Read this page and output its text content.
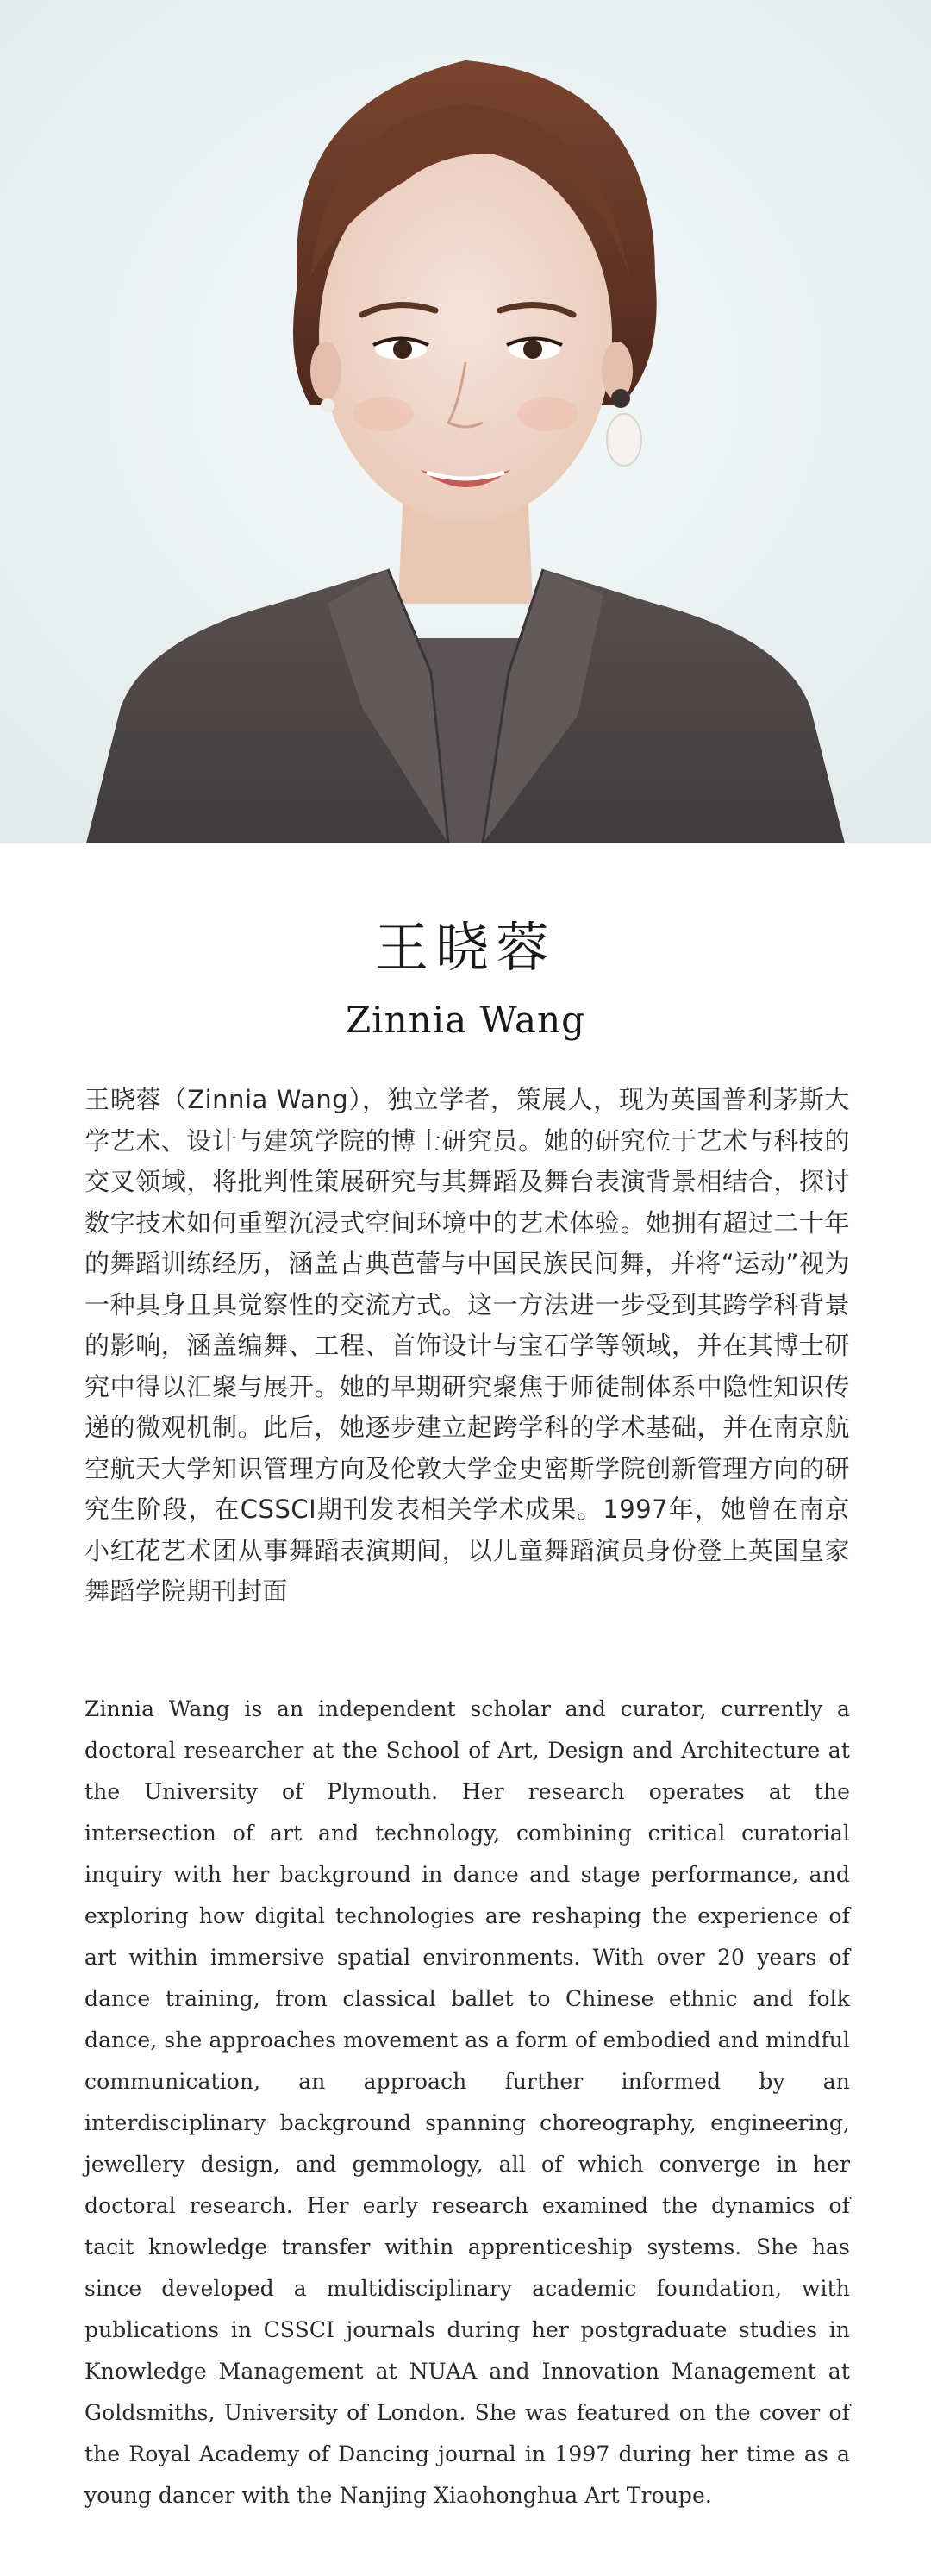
王晓蓉
Zinnia Wang
王晓蓉（Zinnia Wang），独立学者，策展人，现为英国普利茅斯大学艺术、设计与建筑学院的博士研究员。她的研究位于艺术与科技的交叉领域，将批判性策展研究与其舞蹈及舞台表演背景相结合，探讨数字技术如何重塑沉浸式空间环境中的艺术体验。她拥有超过二十年的舞蹈训练经历，涵盖古典芭蕾与中国民族民间舞，并将“运动”视为一种具身且具觉察性的交流方式。这一方法进一步受到其跨学科背景的影响，涵盖编舞、工程、首饰设计与宝石学等领域，并在其博士研究中得以汇聚与展开。她的早期研究聚焦于师徒制体系中隐性知识传递的微观机制。此后，她逐步建立起跨学科的学术基础，并在南京航空航天大学知识管理方向及伦敦大学金史密斯学院创新管理方向的研究生阶段，在CSSCI期刊发表相关学术成果。1997年，她曾在南京小红花艺术团从事舞蹈表演期间，以儿童舞蹈演员身份登上英国皇家舞蹈学院期刊封面
Zinnia Wang is an independent scholar and curator, currently a doctoral researcher at the School of Art, Design and Architecture at the University of Plymouth. Her research operates at the intersection of art and technology, combining critical curatorial inquiry with her background in dance and stage performance, and exploring how digital technologies are reshaping the experience of art within immersive spatial environments. With over 20 years of dance training, from classical ballet to Chinese ethnic and folk dance, she approaches movement as a form of embodied and mindful communication, an approach further informed by an interdisciplinary background spanning choreography, engineering, jewellery design, and gemmology, all of which converge in her doctoral research. Her early research examined the dynamics of tacit knowledge transfer within apprenticeship systems. She has since developed a multidisciplinary academic foundation, with publications in CSSCI journals during her postgraduate studies in Knowledge Management at NUAA and Innovation Management at Goldsmiths, University of London. She was featured on the cover of the Royal Academy of Dancing journal in 1997 during her time as a young dancer with the Nanjing Xiaohonghua Art Troupe.
